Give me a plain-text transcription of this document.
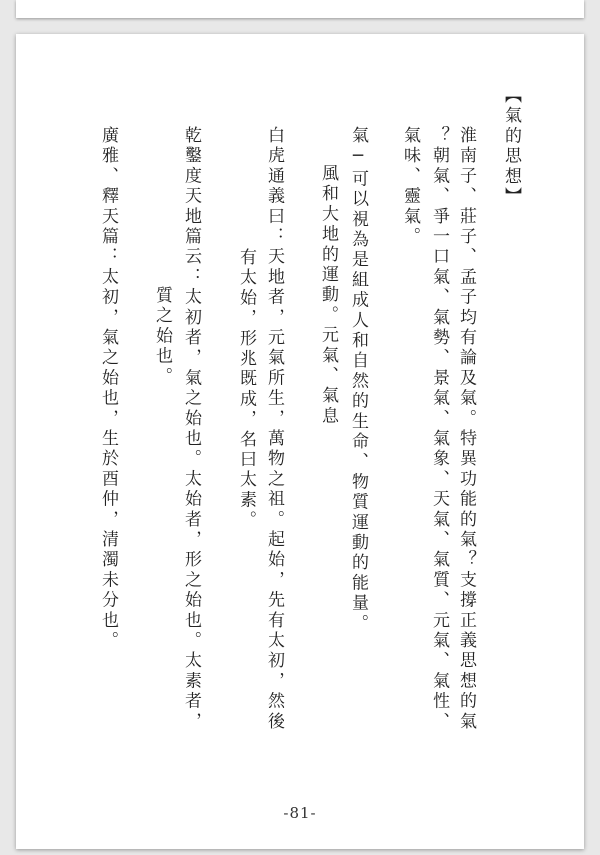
【氣的思想】
淮南子、莊子、孟子均有論及氣。特異功能的氣？支撐正義思想的氣
？朝氣、爭一口氣、氣勢、景氣、氣象、天氣、氣質、元氣、氣性、
氣味、靈氣。
氣─可以視為是組成人和自然的生命、物質運動的能量。
風和大地的運動。元氣、氣息
白虎通義曰：天地者，元氣所生，萬物之祖。起始，先有太初，然後
有太始，形兆既成，名曰太素。
乾鑿度天地篇云：太初者，氣之始也。太始者，形之始也。太素者，
質之始也。
廣雅、釋天篇：太初，氣之始也，生於酉仲，清濁未分也。
-81-
